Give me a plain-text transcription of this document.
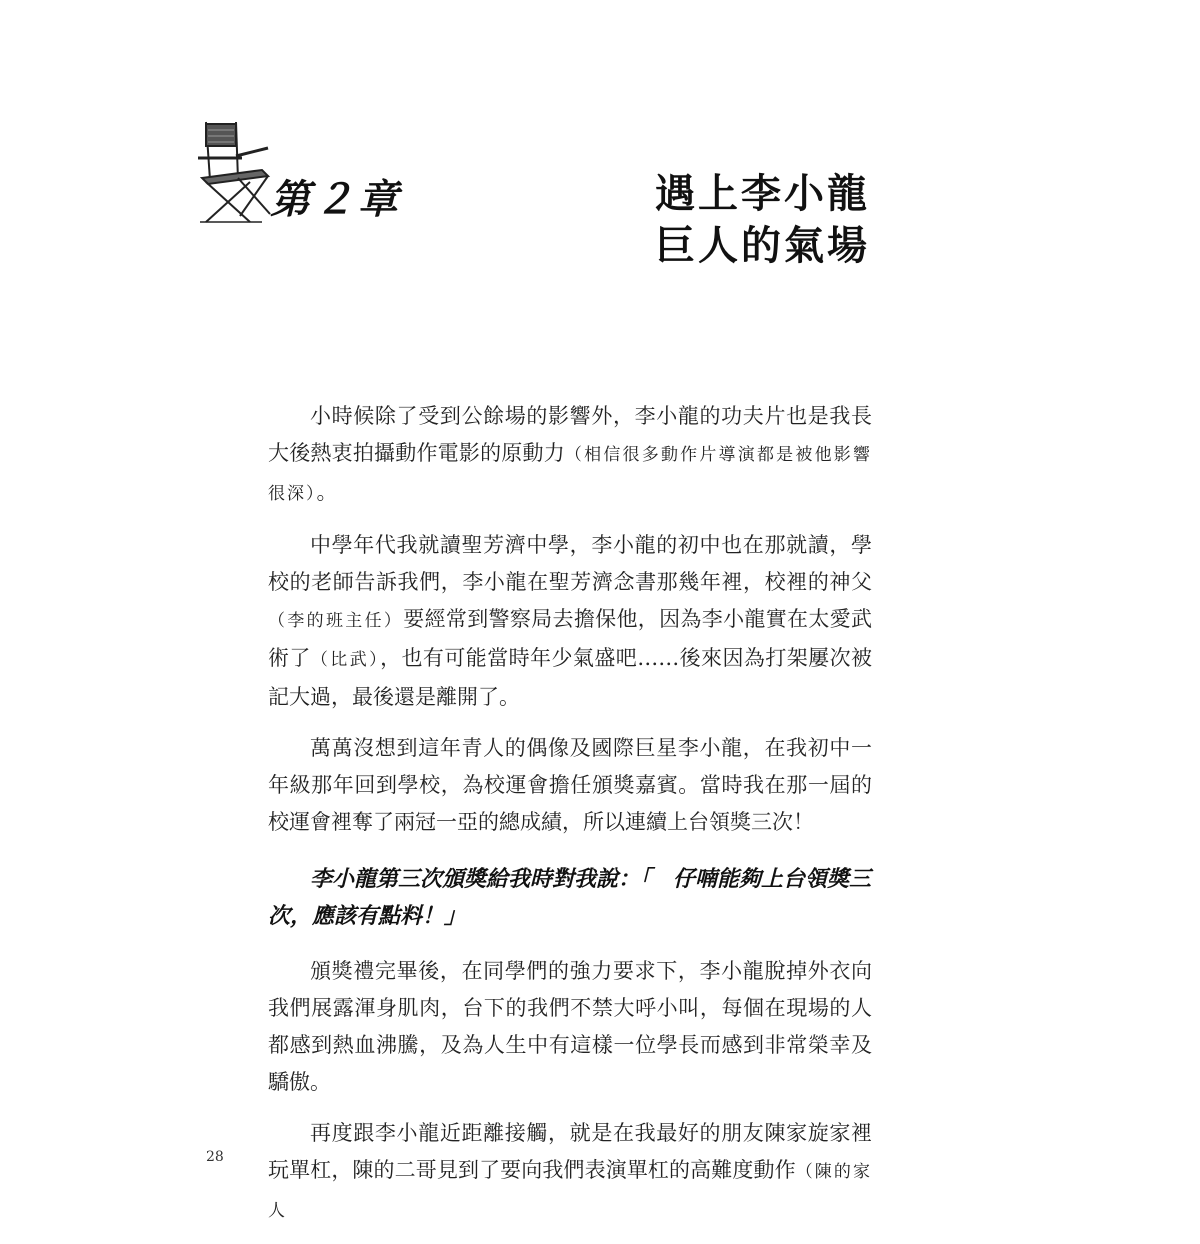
第２章	遇上李小龍
巨人的氣場

小時候除了受到公餘場的影響外，李小龍的功夫片也是我長大後熱衷拍攝動作電影的原動力（相信很多動作片導演都是被他影響很深）。

中學年代我就讀聖芳濟中學，李小龍的初中也在那就讀，學校的老師告訴我們，李小龍在聖芳濟念書那幾年裡，校裡的神父（李的班主任）要經常到警察局去擔保他，因為李小龍實在太愛武術了（比武），也有可能當時年少氣盛吧……後來因為打架屢次被記大過，最後還是離開了。

萬萬沒想到這年青人的偶像及國際巨星李小龍，在我初中一年級那年回到學校，為校運會擔任頒獎嘉賓。當時我在那一屆的校運會裡奪了兩冠一亞的總成績，所以連續上台領獎三次！

李小龍第三次頒獎給我時對我說：「　仔喃能夠上台領獎三次，應該有點料！」

頒獎禮完畢後，在同學們的強力要求下，李小龍脫掉外衣向我們展露渾身肌肉，台下的我們不禁大呼小叫，每個在現場的人都感到熱血沸騰，及為人生中有這樣一位學長而感到非常榮幸及驕傲。

再度跟李小龍近距離接觸，就是在我最好的朋友陳家旋家裡玩單杠，陳的二哥見到了要向我們表演單杠的高難度動作（陳的家人

28
